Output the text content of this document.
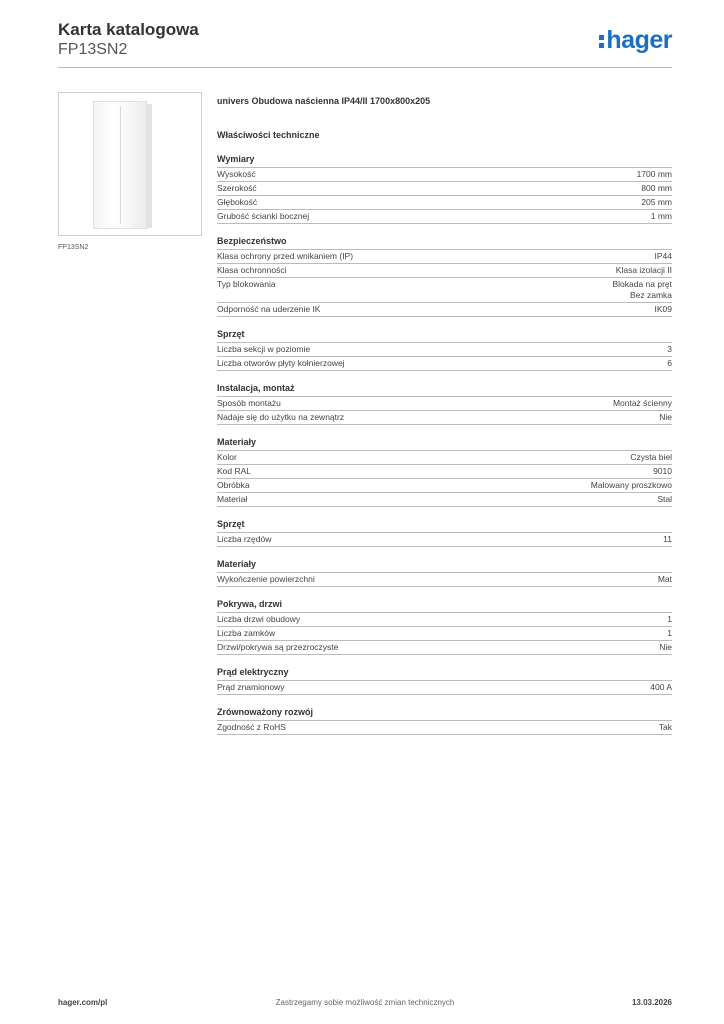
Karta katalogowa
FP13SN2	hager
FP13SN2
univers Obudowa naścienna IP44/II 1700x800x205
Właściwości techniczne
Wymiary
Wysokość	1700 mm
Szerokość	800 mm
Głębokość	205 mm
Grubość ścianki bocznej	1 mm
Bezpieczeństwo
Klasa ochrony przed wnikaniem (IP)	IP44
Klasa ochronności	Klasa izolacji II
Typ blokowania	Blokada na pręt
Bez zamka
Odporność na uderzenie IK	IK09
Sprzęt
Liczba sekcji w poziomie	3
Liczba otworów płyty kołnierzowej	6
Instalacja, montaż
Sposób montażu	Montaż ścienny
Nadaje się do użytku na zewnątrz	Nie
Materiały
Kolor	Czysta biel
Kod RAL	9010
Obróbka	Malowany proszkowo
Materiał	Stal
Sprzęt
Liczba rzędów	11
Materiały
Wykończenie powierzchni	Mat
Pokrywa, drzwi
Liczba drzwi obudowy	1
Liczba zamków	1
Drzwi/pokrywa są przezroczyste	Nie
Prąd elektryczny
Prąd znamionowy	400 A
Zrównoważony rozwój
Zgodność z RoHS	Tak
Zastrzegamy sobie możliwość zmian technicznych
hager.com/pl	13.03.2026
